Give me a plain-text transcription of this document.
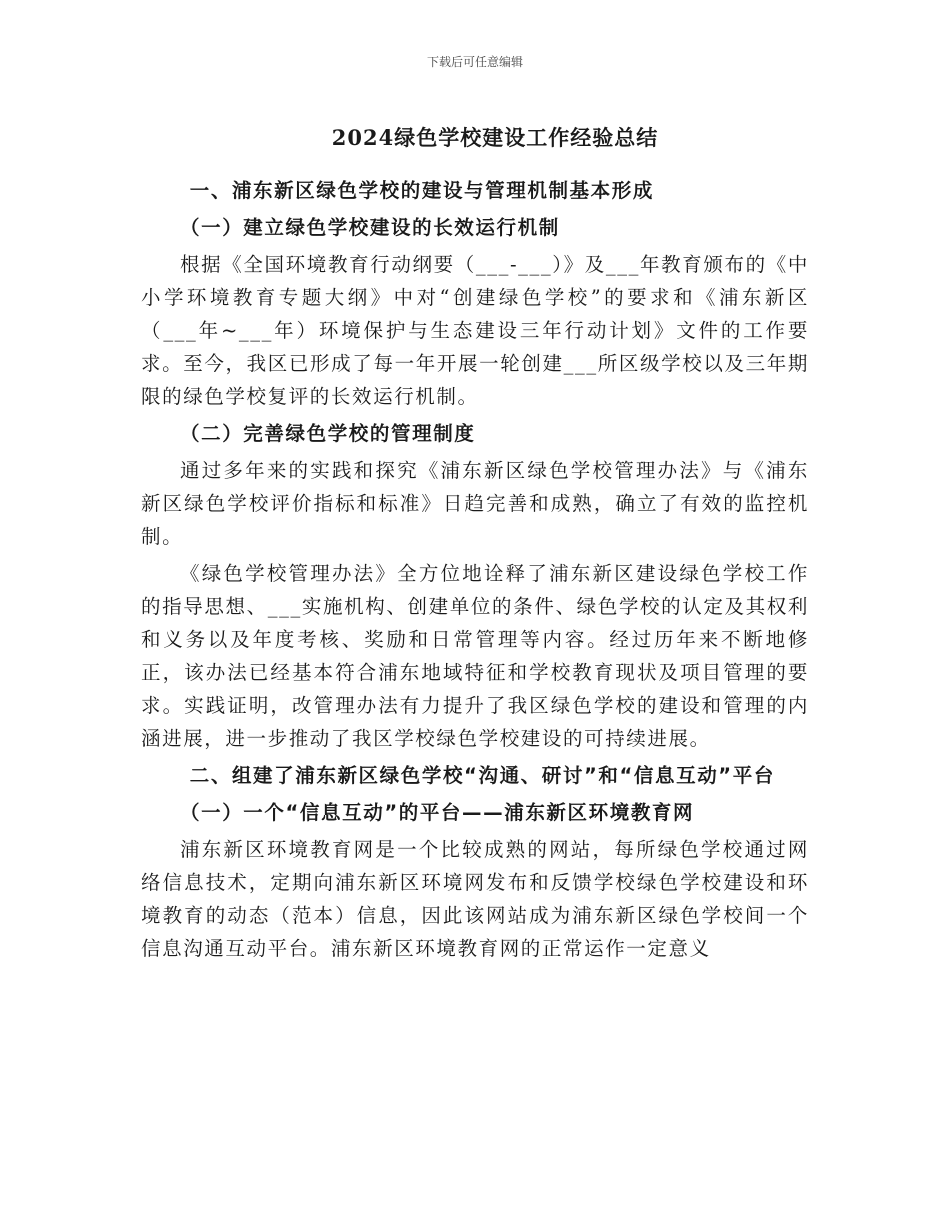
下载后可任意编辑
2024绿色学校建设工作经验总结

一、浦东新区绿色学校的建设与管理机制基本形成

（一）建立绿色学校建设的长效运行机制

根据《全国环境教育行动纲要（___-___）》及___年教育颁布的《中小学环境教育专题大纲》中对“创建绿色学校”的要求和《浦东新区（___年~___年）环境保护与生态建设三年行动计划》文件的工作要求。至今，我区已形成了每一年开展一轮创建___所区级学校以及三年期限的绿色学校复评的长效运行机制。

（二）完善绿色学校的管理制度

通过多年来的实践和探究《浦东新区绿色学校管理办法》与《浦东新区绿色学校评价指标和标准》日趋完善和成熟，确立了有效的监控机制。

《绿色学校管理办法》全方位地诠释了浦东新区建设绿色学校工作的指导思想、___实施机构、创建单位的条件、绿色学校的认定及其权利和义务以及年度考核、奖励和日常管理等内容。经过历年来不断地修正，该办法已经基本符合浦东地域特征和学校教育现状及项目管理的要求。实践证明，改管理办法有力提升了我区绿色学校的建设和管理的内涵进展，进一步推动了我区学校绿色学校建设的可持续进展。

二、组建了浦东新区绿色学校“沟通、研讨”和“信息互动”平台

（一）一个“信息互动”的平台——浦东新区环境教育网

浦东新区环境教育网是一个比较成熟的网站，每所绿色学校通过网络信息技术，定期向浦东新区环境网发布和反馈学校绿色学校建设和环境教育的动态（范本）信息，因此该网站成为浦东新区绿色学校间一个信息沟通互动平台。浦东新区环境教育网的正常运作一定意义
